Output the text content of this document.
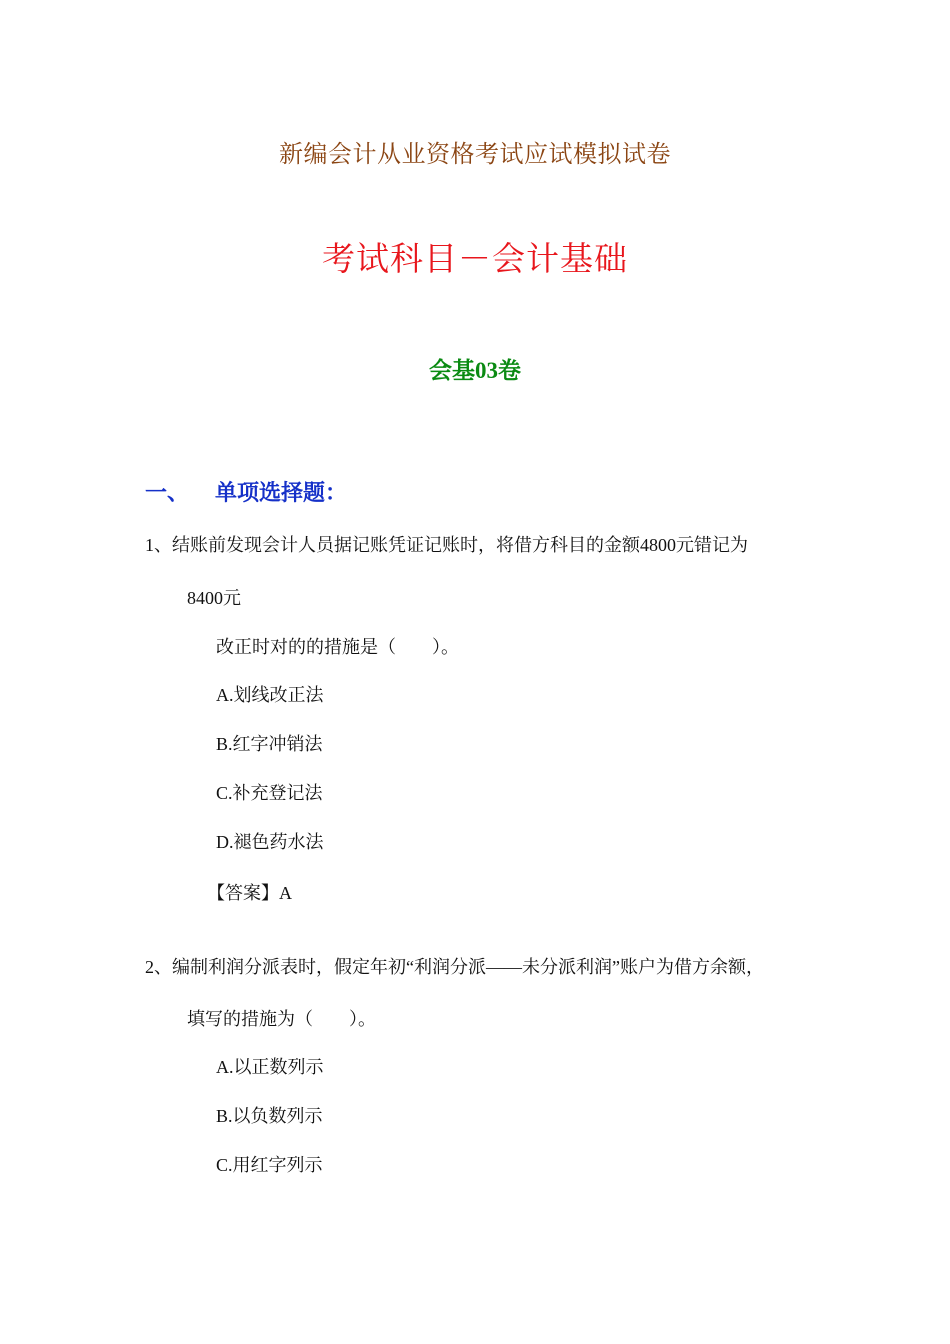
新编会计从业资格考试应试模拟试卷
考试科目－会计基础
会基03卷
一、 单项选择题：
1、结账前发现会计人员据记账凭证记账时，将借方科目的金额4800元错记为
8400元
改正时对的的措施是（　　）。
A.划线改正法
B.红字冲销法
C.补充登记法
D.褪色药水法
【答案】A
2、编制利润分派表时，假定年初“利润分派——未分派利润”账户为借方余额，
填写的措施为（　　）。
A.以正数列示
B.以负数列示
C.用红字列示
